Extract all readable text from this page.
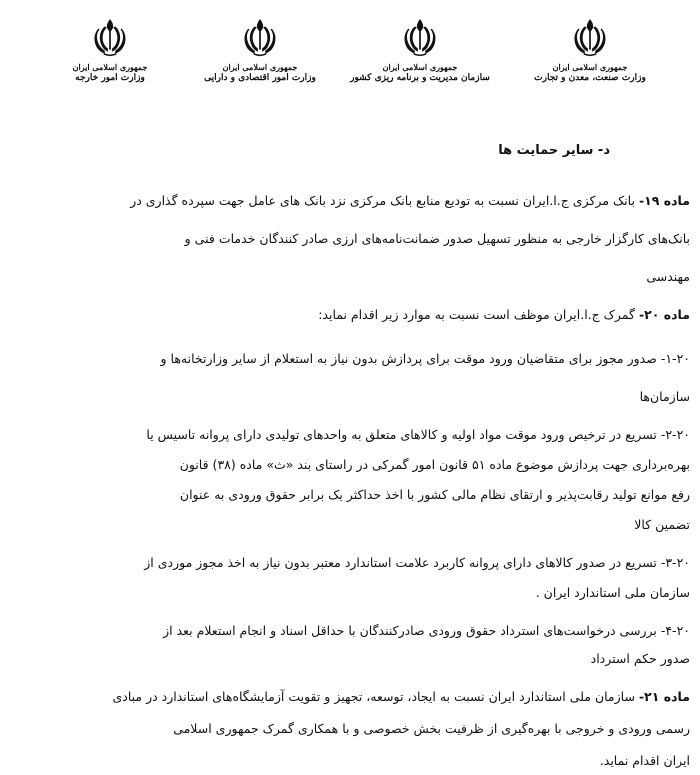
جمهوری اسلامی ایران
وزارت صنعت، معدن و تجارت
جمهوری اسلامی ایران
سازمان مدیریت و برنامه ریزی کشور
جمهوری اسلامی ایران
وزارت امور اقتصادی و دارایی
جمهوری اسلامی ایران
وزارت امور خارجه
د- سایر حمایت ها
ماده ۱۹- بانک مرکزی ج.ا.ایران نسبت به تودیع منابع بانک مرکزی نزد بانک های عامل جهت سپرده گذاری در
بانک‌های کارگزار خارجی به منظور تسهیل صدور ضمانت‌نامه‌های ارزی صادر کنندگان خدمات فنی و
مهندسی
ماده ۲۰- گمرک ج.ا.ایران موظف است نسبت به موارد زیر اقدام نماید:
۱-۲۰- صدور مجوز برای متقاضیان ورود موقت برای پردازش بدون نیاز به استعلام از سایر وزارتخانه‌ها و
سازمان‌ها
۲-۲۰- تسریع در ترخیص ورود موقت مواد اولیه و کالاهای متعلق به واحدهای تولیدی دارای پروانه تاسیس یا
بهره‌برداری جهت پردازش موضوع ماده ۵۱ قانون امور گمرکی در راستای بند «ث» ماده (۳۸) قانون
رفع موانع تولید رقابت‌پذیر و ارتقای نظام مالی کشور با اخذ حداکثر یک برابر حقوق ورودی به عنوان
تضمین کالا
۳-۲۰- تسریع در صدور کالاهای دارای پروانه کاربرد علامت استاندارد معتبر بدون نیاز به اخذ مجوز موردی از
سازمان ملی استاندارد ایران .
۴-۲۰- بررسی درخواست‌های استرداد حقوق ورودی صادرکنندگان با حداقل اسناد و انجام استعلام بعد از
صدور حکم استرداد
ماده ۲۱- سازمان ملی استاندارد ایران نسبت به ایجاد، توسعه، تجهیز و تقویت آزمایشگاه‌های استاندارد در مبادی
رسمی ورودی و خروجی با بهره‌گیری از ظرفیت بخش خصوصی و با همکاری گمرک جمهوری اسلامی
ایران اقدام نماید.
